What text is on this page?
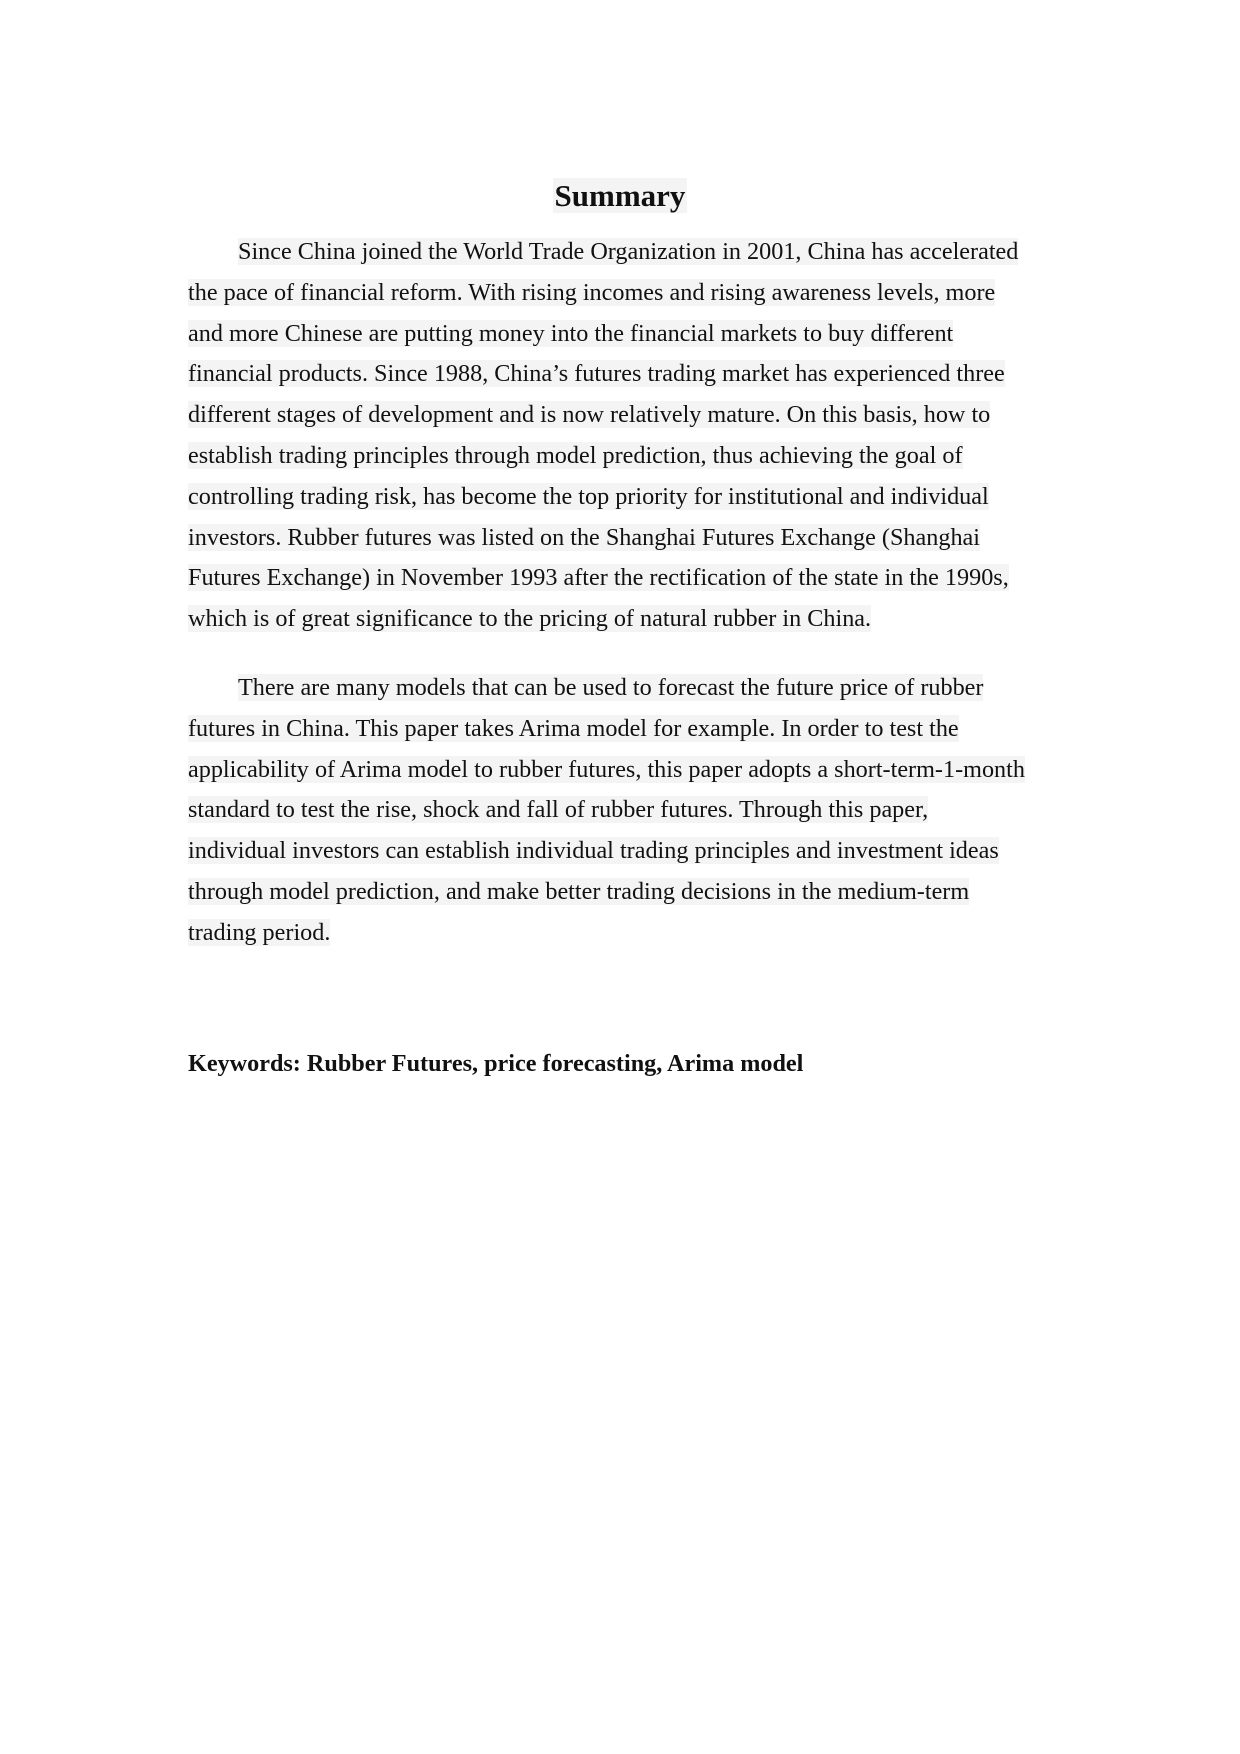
Summary
Since China joined the World Trade Organization in 2001, China has accelerated
the pace of financial reform. With rising incomes and rising awareness levels, more
and more Chinese are putting money into the financial markets to buy different
financial products. Since 1988, China’s futures trading market has experienced three
different stages of development and is now relatively mature. On this basis, how to
establish trading principles through model prediction, thus achieving the goal of
controlling trading risk, has become the top priority for institutional and individual
investors. Rubber futures was listed on the Shanghai Futures Exchange (Shanghai
Futures Exchange) in November 1993 after the rectification of the state in the 1990s,
which is of great significance to the pricing of natural rubber in China.
There are many models that can be used to forecast the future price of rubber
futures in China. This paper takes Arima model for example. In order to test the
applicability of Arima model to rubber futures, this paper adopts a short-term-1-month
standard to test the rise, shock and fall of rubber futures. Through this paper,
individual investors can establish individual trading principles and investment ideas
through model prediction, and make better trading decisions in the medium-term
trading period.
Keywords: Rubber Futures, price forecasting, Arima model
